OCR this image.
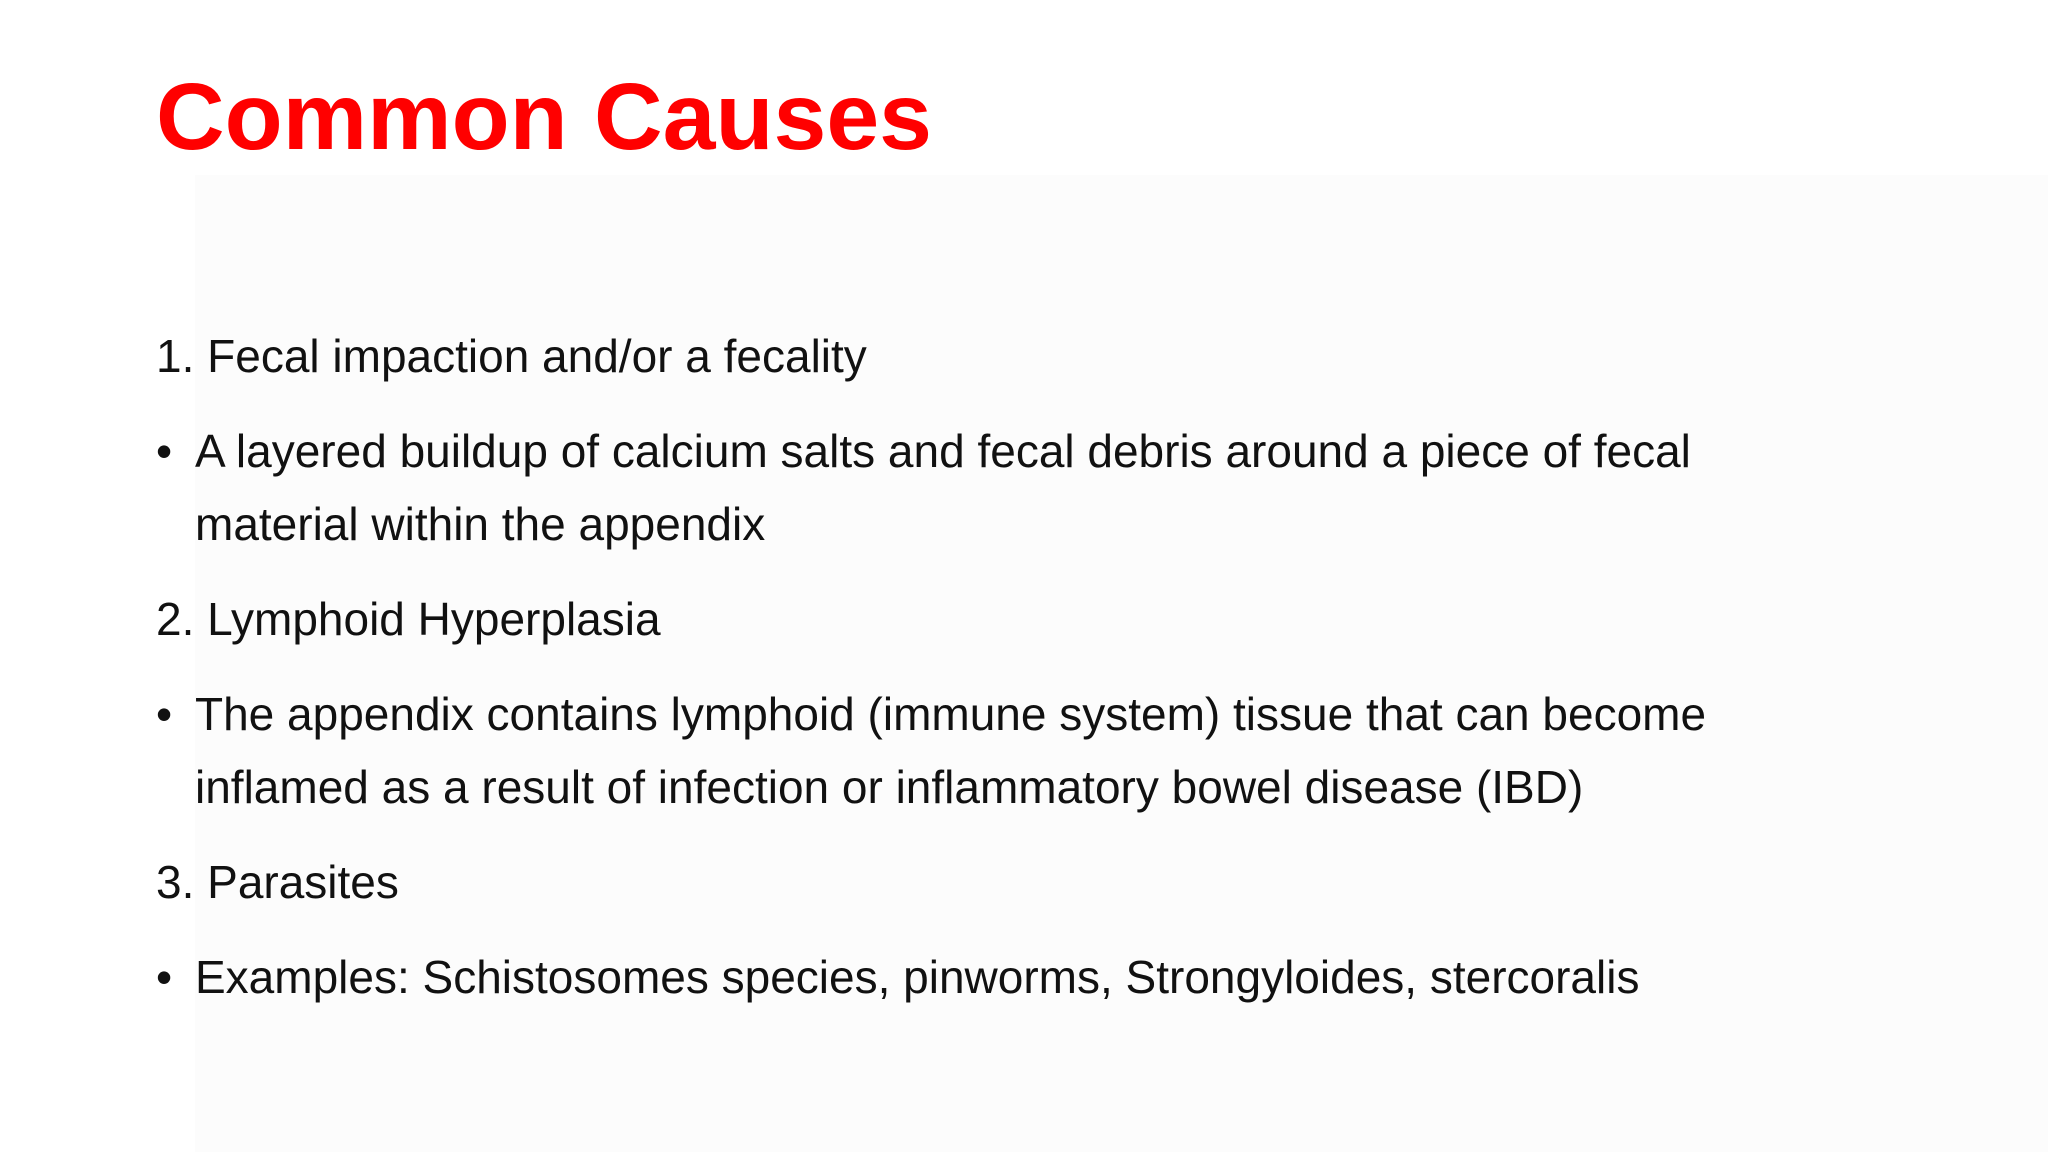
Common Causes

1. Fecal impaction and/or a fecality

• A layered buildup of calcium salts and fecal debris around a piece of fecal material within the appendix

2. Lymphoid Hyperplasia

• The appendix contains lymphoid (immune system) tissue that can become inflamed as a result of infection or inflammatory bowel disease (IBD)

3. Parasites

• Examples: Schistosomes species, pinworms, Strongyloides, stercoralis
